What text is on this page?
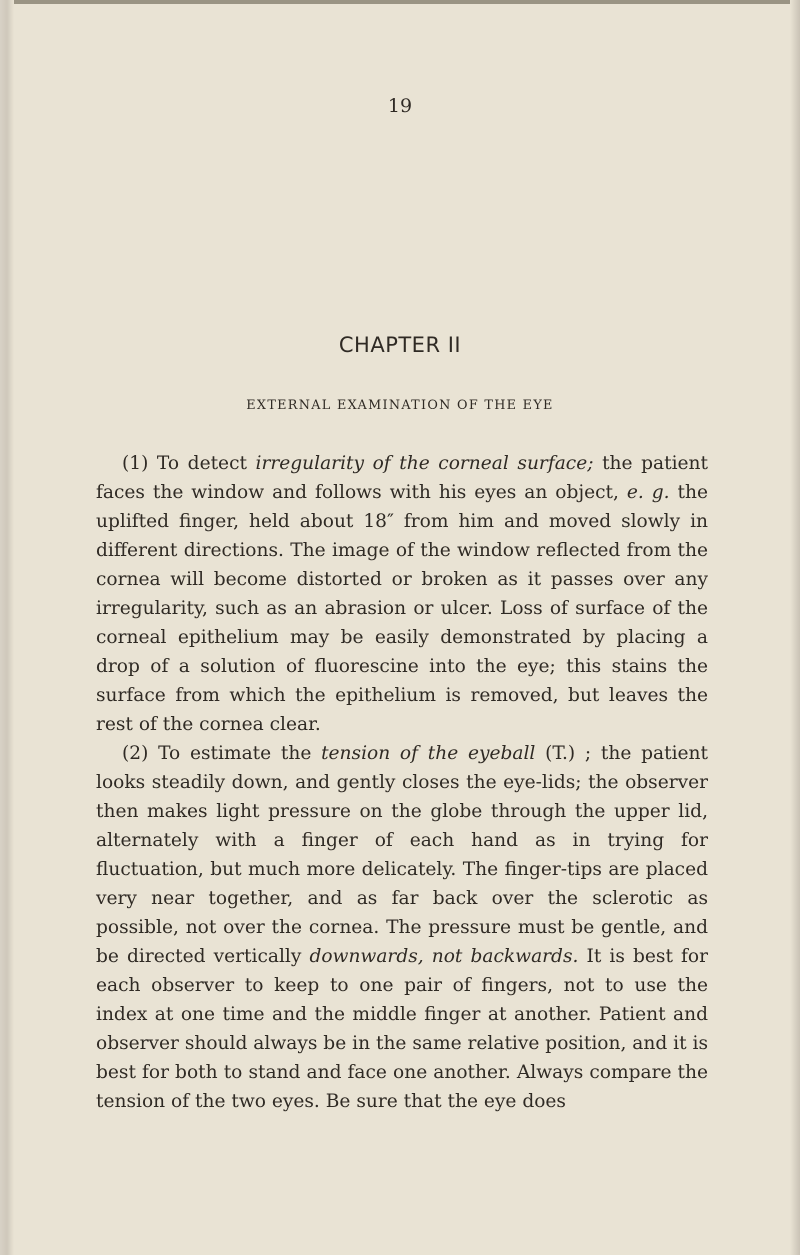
19
CHAPTER II
EXTERNAL EXAMINATION OF THE EYE

(1) To detect irregularity of the corneal surface; the patient faces the window and follows with his eyes an object, e. g. the uplifted finger, held about 18″ from him and moved slowly in different directions. The image of the window reflected from the cornea will become distorted or broken as it passes over any irregularity, such as an abrasion or ulcer. Loss of surface of the corneal epithelium may be easily demonstrated by placing a drop of a solution of fluorescine into the eye; this stains the surface from which the epithelium is removed, but leaves the rest of the cornea clear.

(2) To estimate the tension of the eyeball (T.) ; the patient looks steadily down, and gently closes the eye-lids; the observer then makes light pressure on the globe through the upper lid, alternately with a finger of each hand as in trying for fluctuation, but much more delicately. The finger-tips are placed very near together, and as far back over the sclerotic as possible, not over the cornea. The pressure must be gentle, and be directed vertically downwards, not backwards. It is best for each observer to keep to one pair of fingers, not to use the index at one time and the middle finger at another. Patient and observer should always be in the same relative position, and it is best for both to stand and face one another. Always compare the tension of the two eyes. Be sure that the eye does
